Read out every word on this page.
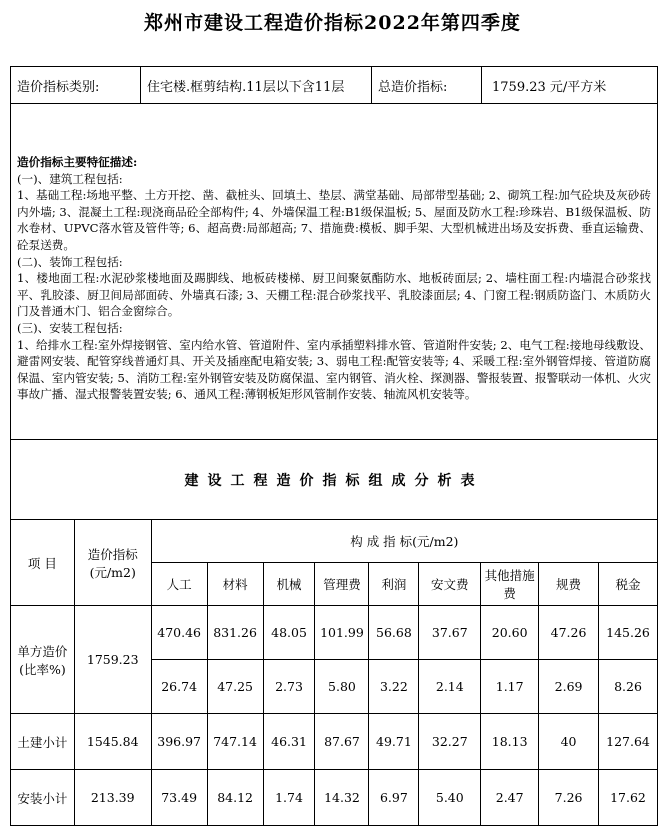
郑州市建设工程造价指标2022年第四季度
造价指标类别:	住宅楼.框剪结构.11层以下含11层	总造价指标:	1759.23 元/平方米

造价指标主要特征描述:

(一)、建筑工程包括:

1、基础工程:场地平整、土方开挖、凿、截桩头、回填土、垫层、满堂基础、局部带型基础; 2、砌筑工程:加气砼块及灰砂砖内外墙; 3、混凝土工程:现浇商品砼全部构件; 4、外墙保温工程:B1级保温板; 5、屋面及防水工程:珍珠岩、B1级保温板、防水卷材、UPVC落水管及管件等; 6、超高费:局部超高; 7、措施费:模板、脚手架、大型机械进出场及安拆费、垂直运输费、砼泵送费。

(二)、装饰工程包括:

1、楼地面工程:水泥砂浆楼地面及踢脚线、地板砖楼梯、厨卫间聚氨酯防水、地板砖面层; 2、墙柱面工程:内墙混合砂浆找平、乳胶漆、厨卫间局部面砖、外墙真石漆; 3、天棚工程:混合砂浆找平、乳胶漆面层; 4、门窗工程:钢质防盗门、木质防火门及普通木门、铝合金窗综合。

(三)、安装工程包括:

1、给排水工程:室外焊接钢管、室内给水管、管道附件、室内承插塑料排水管、管道附件安装; 2、电气工程:接地母线敷设、避雷网安装、配管穿线普通灯具、开关及插座配电箱安装; 3、弱电工程:配管安装等; 4、采暖工程:室外钢管焊接、管道防腐保温、室内管安装; 5、消防工程:室外钢管安装及防腐保温、室内钢管、消火栓、探测器、警报装置、报警联动一体机、火灾事故广播、湿式报警装置安装; 6、通风工程:薄钢板矩形风管制作安装、轴流风机安装等。

建设工程造价指标组成分析表
项 目	造价指标(元/m2)	构 成 指 标(元/m2)								
		人工	材料	机械	管理费	利润	安文费	其他措施费	规费	税金
单方造价(比率%)	1759.23	470.46	831.26	48.05	101.99	56.68	37.67	20.60	47.26	145.26
		26.74	47.25	2.73	5.80	3.22	2.14	1.17	2.69	8.26
土建小计	1545.84	396.97	747.14	46.31	87.67	49.71	32.27	18.13	40	127.64
安装小计	213.39	73.49	84.12	1.74	14.32	6.97	5.40	2.47	7.26	17.62
